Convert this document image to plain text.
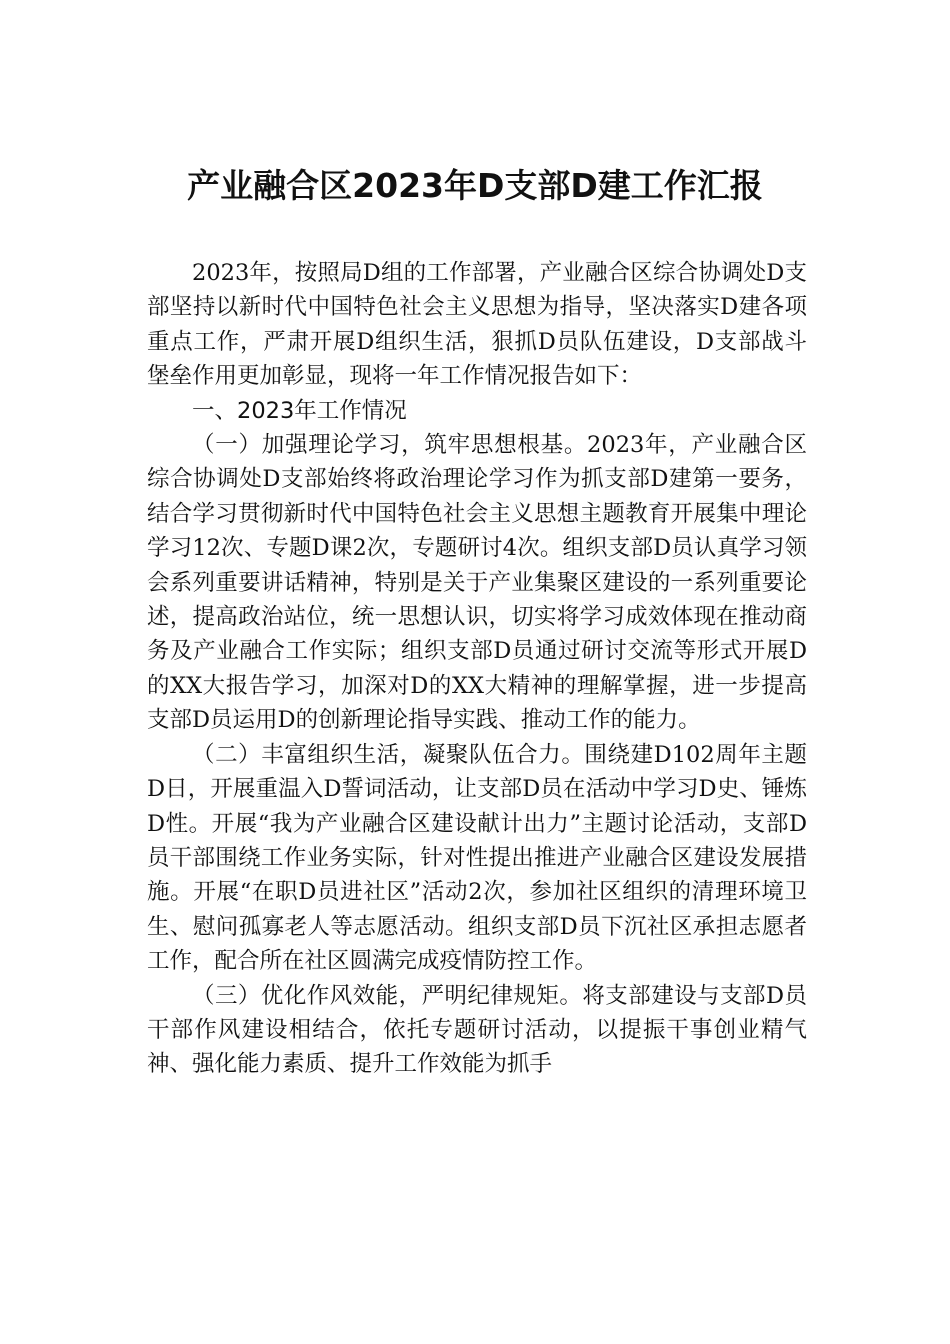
产业融合区2023年D支部D建工作汇报

2023年，按照局D组的工作部署，产业融合区综合协调处D支部坚持以新时代中国特色社会主义思想为指导，坚决落实D建各项重点工作，严肃开展D组织生活，狠抓D员队伍建设，D支部战斗堡垒作用更加彰显，现将一年工作情况报告如下：

一、2023年工作情况

（一）加强理论学习，筑牢思想根基。2023年，产业融合区综合协调处D支部始终将政治理论学习作为抓支部D建第一要务，结合学习贯彻新时代中国特色社会主义思想主题教育开展集中理论学习12次、专题D课2次，专题研讨4次。组织支部D员认真学习领会系列重要讲话精神，特别是关于产业集聚区建设的一系列重要论述，提高政治站位，统一思想认识，切实将学习成效体现在推动商务及产业融合工作实际；组织支部D员通过研讨交流等形式开展D的XX大报告学习，加深对D的XX大精神的理解掌握，进一步提高支部D员运用D的创新理论指导实践、推动工作的能力。

（二）丰富组织生活，凝聚队伍合力。围绕建D102周年主题D日，开展重温入D誓词活动，让支部D员在活动中学习D史、锤炼D性。开展“我为产业融合区建设献计出力”主题讨论活动，支部D员干部围绕工作业务实际，针对性提出推进产业融合区建设发展措施。开展“在职D员进社区”活动2次，参加社区组织的清理环境卫生、慰问孤寡老人等志愿活动。组织支部D员下沉社区承担志愿者工作，配合所在社区圆满完成疫情防控工作。

（三）优化作风效能，严明纪律规矩。将支部建设与支部D员干部作风建设相结合，依托专题研讨活动，以提振干事创业精气神、强化能力素质、提升工作效能为抓手
